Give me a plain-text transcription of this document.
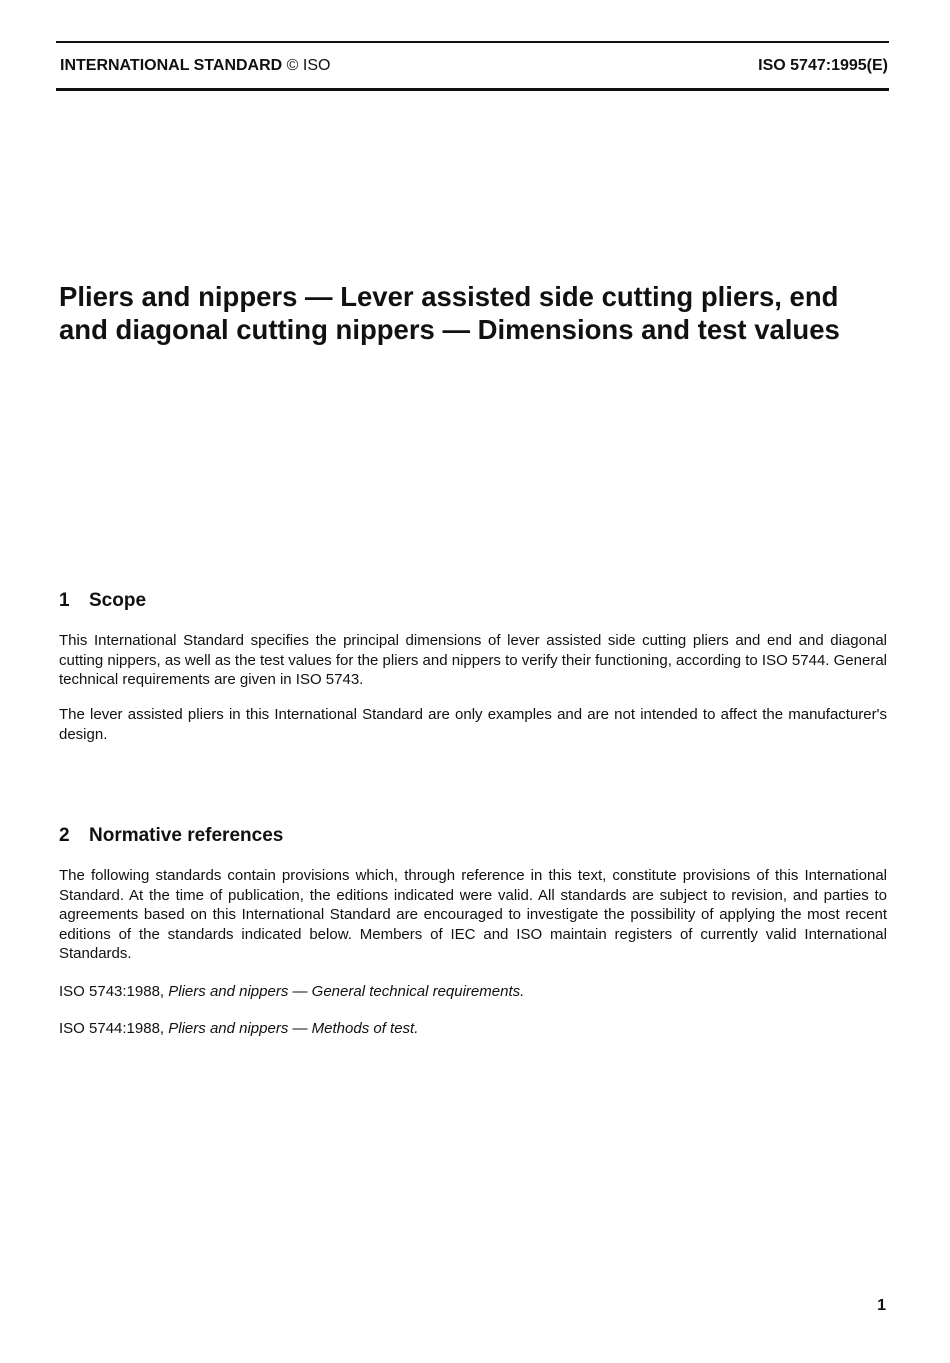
INTERNATIONAL STANDARD © ISO	ISO 5747:1995(E)
Pliers and nippers — Lever assisted side cutting pliers, end and diagonal cutting nippers — Dimensions and test values
1 Scope

This International Standard specifies the principal dimensions of lever assisted side cutting pliers and end and diagonal cutting nippers, as well as the test values for the pliers and nippers to verify their functioning, according to ISO 5744. General technical requirements are given in ISO 5743.

The lever assisted pliers in this International Standard are only examples and are not intended to affect the manufacturer's design.

2 Normative references

The following standards contain provisions which, through reference in this text, constitute provisions of this International Standard. At the time of publication, the editions indicated were valid. All standards are subject to revision, and parties to agreements based on this International Standard are encouraged to investigate the possibility of applying the most recent editions of the standards indicated below. Members of IEC and ISO maintain registers of currently valid International Standards.

ISO 5743:1988, Pliers and nippers — General technical requirements.

ISO 5744:1988, Pliers and nippers — Methods of test.

1
